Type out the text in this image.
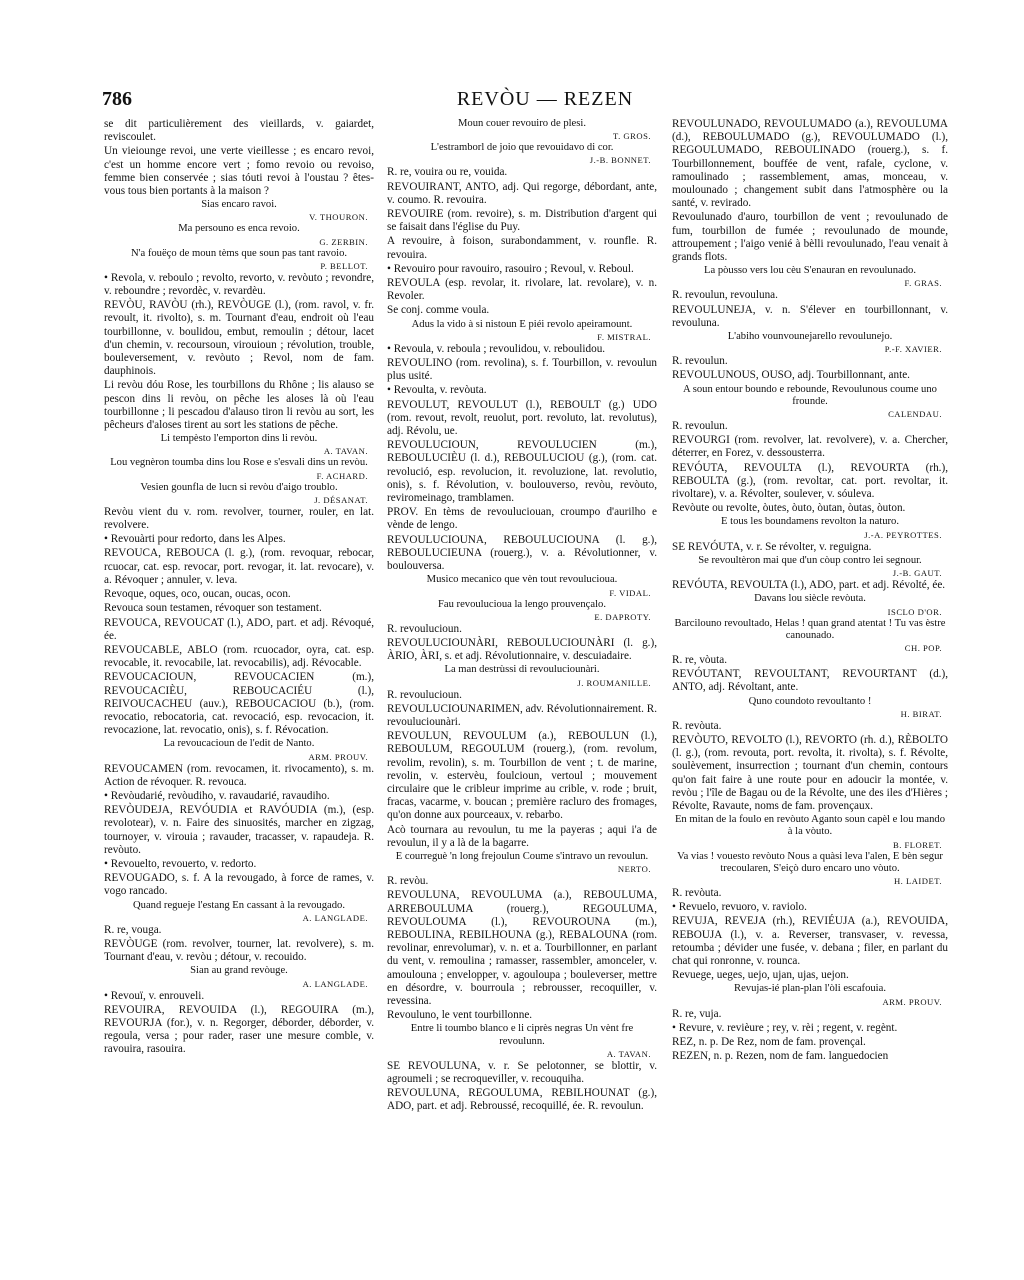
786	REVÒU — REZEN

se dit particulièrement des vieillards, v. gaiardet, reviscoulet.

Un vieiounge revoi, une verte vieillesse ; es encaro revoi, c'est un homme encore vert ; fomo revoio ou revoiso, femme bien conservée ; sias tóuti revoi à l'oustau ? êtes-vous tous bien portants à la maison ?

Sias encaro ravoi.

V. THOURON.

Ma persouno es enca revoio.

G. ZERBIN.

N'a fouëço de moun tèms que soun pas tant ravoio.

P. BELLOT.

• Revola, v. reboulo ; revolto, revorto, v. revòuto ; revondre, v. reboundre ; revordèc, v. revardèu.

REVÒU, RAVÒU (rh.), REVÒUGE (l.), (rom. ravol, v. fr. revoult, it. rivolto), s. m. Tournant d'eau, endroit où l'eau tourbillonne, v. boulidou, embut, remoulin ; détour, lacet d'un chemin, v. recoursoun, virouioun ; révolution, trouble, bouleversement, v. revòuto ; Revol, nom de fam. dauphinois.

Li revòu dóu Rose, les tourbillons du Rhône ; lis alauso se pescon dins li revòu, on pêche les aloses là où l'eau tourbillonne ; li pescadou d'alauso tiron li revòu au sort, les pêcheurs d'aloses tirent au sort les stations de pêche.

Li tempèsto l'emporton dins li revòu.

A. TAVAN.

Lou vegnèron toumba dins lou Rose e s'esvali dins un revòu.

F. ACHARD.

Vesien gounfla de lucn si revòu d'aigo troublo.

J. DÉSANAT.

Revòu vient du v. rom. revolver, tourner, rouler, en lat. revolvere.

• Revouàrti pour redorto, dans les Alpes.

REVOUCA, REBOUCA (l. g.), (rom. revoquar, rebocar, rcuocar, cat. esp. revocar, port. revogar, it. lat. revocare), v. a. Révoquer ; annuler, v. leva.

Revoque, oques, oco, oucan, oucas, ocon.

Revouca soun testamen, révoquer son testament.

REVOUCA, REVOUCAT (l.), ADO, part. et adj. Révoqué, ée.

REVOUCABLE, ABLO (rom. rcuocador, oyra, cat. esp. revocable, it. revocabile, lat. revocabilis), adj. Révocable.

REVOUCACIOUN, REVOUCACIEN (m.), REVOUCACIÈU, REBOUCACIÉU (l.), REIVOUCACHEU (auv.), REBOUCACIOU (b.), (rom. revocatio, rebocatoria, cat. revocació, esp. revocacion, it. revocazione, lat. revocatio, onis), s. f. Révocation.

La revoucacioun de l'edit de Nanto.

ARM. PROUV.

REVOUCAMEN (rom. revocamen, it. rivocamento), s. m. Action de révoquer. R. revouca.

• Revòudarié, revòudiho, v. ravaudarié, ravaudiho.

REVÒUDEJA, REVÓUDIA et RAVÓUDIA (m.), (esp. revolotear), v. n. Faire des sinuosités, marcher en zigzag, tournoyer, v. virouia ; ravauder, tracasser, v. rapaudeja. R. revòuto.

• Revouelto, revouerto, v. redorto.

REVOUGADO, s. f. A la revougado, à force de rames, v. vogo rancado.

Quand regueje l'estang En cassant à la revougado.

A. LANGLADE.

R. re, vouga.

REVÒUGE (rom. revolver, tourner, lat. revolvere), s. m. Tournant d'eau, v. revòu ; détour, v. recouido.

Sian au grand revòuge.

A. LANGLADE.

• Revouï, v. enrouveli.

REVOUIRA, REVOUIDA (l.), REGOUIRA (m.), REVOURJA (for.), v. n. Regorger, déborder, déborder, v. regoula, versa ; pour rader, raser une mesure comble, v. ravouira, rasouira.

Moun couer revouiro de plesi.

T. GROS.

L'estramborl de joio que revouidavo di cor.

J.-B. BONNET.

R. re, vouira ou re, vouida.

REVOUIRANT, ANTO, adj. Qui regorge, débordant, ante, v. coumo. R. revouira.

REVOUIRE (rom. revoire), s. m. Distribution d'argent qui se faisait dans l'église du Puy.

A revouire, à foison, surabondamment, v. rounfle. R. revouira.

• Revouiro pour ravouiro, rasouiro ; Revoul, v. Reboul.

REVOULA (esp. revolar, it. rivolare, lat. revolare), v. n. Revoler.

Se conj. comme voula.

Adus la vido à si nistoun E piéi revolo apeiramount.

F. MISTRAL.

• Revoula, v. reboula ; revoulidou, v. reboulidou.

REVOULINO (rom. revolina), s. f. Tourbillon, v. revoulun plus usité.

• Revoulta, v. revòuta.

REVOULUT, REVOULUT (l.), REBOULT (g.) UDO (rom. revout, revolt, reuolut, port. revoluto, lat. revolutus), adj. Révolu, ue.

REVOULUCIOUN, REVOULUCIEN (m.), REBOULUCIÈU (l. d.), REBOULUCIOU (g.), (rom. cat. revolució, esp. revolucion, it. revoluzione, lat. revolutio, onis), s. f. Révolution, v. boulouverso, revòu, revòuto, reviromeinago, tramblamen.

PROV. En tèms de revouluciouan, croumpo d'aurilho e vènde de lengo.

REVOULUCIOUNA, REBOULUCIOUNA (l. g.), REBOULUCIEUNA (rouerg.), v. a. Révolutionner, v. boulouversa.

Musico mecanico que vèn tout revoulucioua.

F. VIDAL.

Fau revoulucioua la lengo prouvençalo.

E. DAPROTY.

R. revoulucioun.

REVOULUCIOUNÀRI, REBOULUCIOUNÀRI (l. g.), ÀRIO, ÀRI, s. et adj. Révolutionnaire, v. descuiadaire.

La man destrùssi di revouluciounàri.

J. ROUMANILLE.

R. revoulucioun.

REVOULUCIOUNARIMEN, adv. Révolutionnairement. R. revouluciounàri.

REVOULUN, REVOULUM (a.), REBOULUN (l.), REBOULUM, REGOULUM (rouerg.), (rom. revolum, revolim, revolin), s. m. Tourbillon de vent ; t. de marine, revolin, v. estervèu, foulcioun, vertoul ; mouvement circulaire que le cribleur imprime au crible, v. rode ; bruit, fracas, vacarme, v. boucan ; première racluro des fromages, qu'on donne aux pourceaux, v. rebarbo.

Acò tournara au revoulun, tu me la payeras ; aqui i'a de revoulun, il y a là de la bagarre.

E courreguè 'n long frejoulun Coume s'intravo un revoulun.

NERTO.

R. revòu.

REVOULUNA, REVOULUMA (a.), REBOULUMA, ARREBOULUMA (rouerg.), REGOULUMA, REVOULOUMA (l.), REVOUROUNA (m.), REBOULINA, REBILHOUNA (g.), REBALOUNA (rom. revolinar, enrevolumar), v. n. et a. Tourbillonner, en parlant du vent, v. remoulina ; ramasser, rassembler, amonceler, v. amoulouna ; envelopper, v. agouloupa ; bouleverser, mettre en désordre, v. bourroula ; rebrousser, recoquiller, v. revessina.

Revouluno, le vent tourbillonne.

Entre li toumbo blanco e li ciprès negras Un vènt fre revoulunn.

A. TAVAN.

SE REVOULUNA, v. r. Se pelotonner, se blottir, v. agroumeli ; se recroqueviller, v. recouquiha.

REVOULUNA, REGOULUMA, REBILHOUNAT (g.), ADO, part. et adj. Rebroussé, recoquillé, ée. R. revoulun.

REVOULUNADO, REVOULUMADO (a.), REVOULUMA (d.), REBOULUMADO (g.), REVOULUMADO (l.), REGOULUMADO, REBOULINADO (rouerg.), s. f. Tourbillonnement, bouffée de vent, rafale, cyclone, v. ramoulinado ; rassemblement, amas, monceau, v. moulounado ; changement subit dans l'atmosphère ou la santé, v. revirado.

Revoulunado d'auro, tourbillon de vent ; revoulunado de fum, tourbillon de fumée ; revoulunado de mounde, attroupement ; l'aigo venié à bèlli revoulunado, l'eau venait à grands flots.

La pòusso vers lou cèu S'enauran en revoulunado.

F. GRAS.

R. revoulun, revouluna.

REVOULUNEJA, v. n. S'élever en tourbillonnant, v. revouluna.

L'abiho vounvounejarello revoulunejo.

P.-F. XAVIER.

R. revoulun.

REVOULUNOUS, OUSO, adj. Tourbillonnant, ante.

A soun entour boundo e rebounde, Revoulunous coume uno frounde.

CALENDAU.

R. revoulun.

REVOURGI (rom. revolver, lat. revolvere), v. a. Chercher, déterrer, en Forez, v. dessousterra.

REVÓUTA, REVOULTA (l.), REVOURTA (rh.), REBOULTA (g.), (rom. revoltar, cat. port. revoltar, it. rivoltare), v. a. Révolter, soulever, v. sóuleva.

Revòute ou revolte, òutes, òuto, òutan, òutas, òuton.

E tous les boundamens revolton la naturo.

J.-A. PEYROTTES.

SE REVÓUTA, v. r. Se révolter, v. reguigna.

Se revoultèron mai que d'un còup contro lei segnour.

J.-B. GAUT.

REVÓUTA, REVOULTA (l.), ADO, part. et adj. Révolté, ée.

Davans lou siècle revòuta.

ISCLO D'OR.

Barcilouno revoultado, Helas ! quan grand atentat ! Tu vas èstre canounado.

CH. POP.

R. re, vòuta.

REVÓUTANT, REVOULTANT, REVOURTANT (d.), ANTO, adj. Révoltant, ante.

Quno coundoto revoultanto !

H. BIRAT.

R. revòuta.

REVÒUTO, REVOLTO (l.), REVORTO (rh. d.), RÈBOLTO (l. g.), (rom. revouta, port. revolta, it. rivolta), s. f. Révolte, soulèvement, insurrection ; tournant d'un chemin, contours qu'on fait faire à une route pour en adoucir la montée, v. revòu ; l'île de Bagau ou de la Révolte, une des iles d'Hières ; Révolte, Ravaute, noms de fam. provençaux.

En mitan de la foulo en revòuto Aganto soun capèl e lou mando à la vòuto.

B. FLORET.

Va vias ! vouesto revòuto Nous a quàsi leva l'alen, E bèn segur trecoularen, S'eiçò duro encaro uno vòuto.

H. LAIDET.

R. revòuta.

• Revuelo, revuoro, v. raviolo.

REVUJA, REVEJA (rh.), REVIÉUJA (a.), REVOUIDA, REBOUJA (l.), v. a. Reverser, transvaser, v. revessa, retoumba ; dévider une fusée, v. debana ; filer, en parlant du chat qui ronronne, v. rounca.

Revuege, ueges, uejo, ujan, ujas, uejon.

Revujas-ié plan-plan l'òli escafouia.

ARM. PROUV.

R. re, vuja.

• Revure, v. revièure ; rey, v. rèi ; regent, v. regènt.

REZ, n. p. De Rez, nom de fam. provençal.

REZEN, n. p. Rezen, nom de fam. languedocien
